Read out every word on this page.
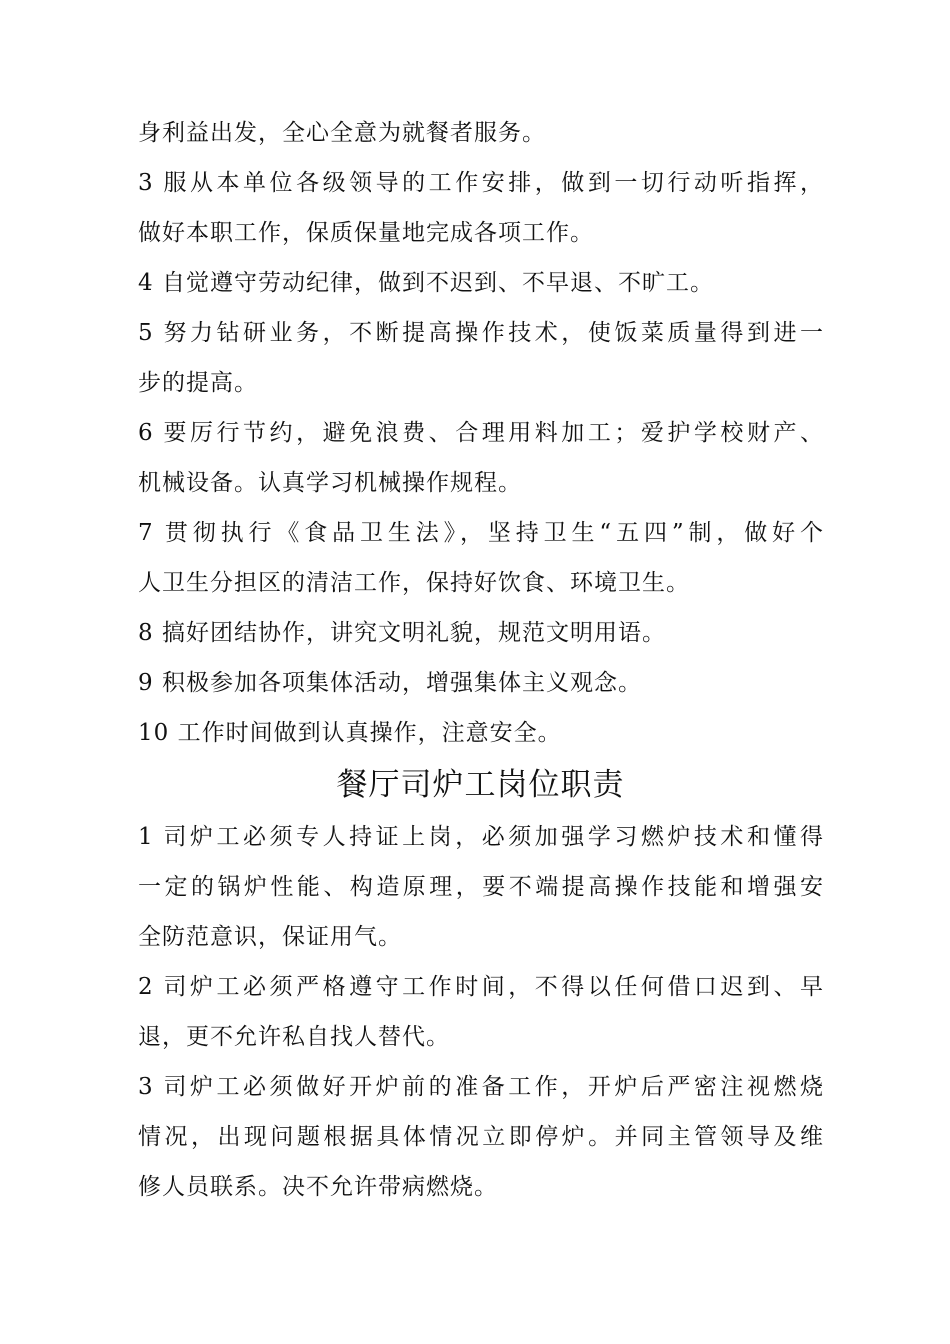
身利益出发，全心全意为就餐者服务。
3 服从本单位各级领导的工作安排，做到一切行动听指挥，
做好本职工作，保质保量地完成各项工作。
4 自觉遵守劳动纪律，做到不迟到、不早退、不旷工。
5 努力钻研业务，不断提高操作技术，使饭菜质量得到进一
步的提高。
6 要厉行节约，避免浪费、合理用料加工；爱护学校财产、
机械设备。认真学习机械操作规程。
7 贯彻执行《食品卫生法》，坚持卫生“五四”制，做好个
人卫生分担区的清洁工作，保持好饮食、环境卫生。
8 搞好团结协作，讲究文明礼貌，规范文明用语。
9 积极参加各项集体活动，增强集体主义观念。
10 工作时间做到认真操作，注意安全。
餐厅司炉工岗位职责
1 司炉工必须专人持证上岗，必须加强学习燃炉技术和懂得
一定的锅炉性能、构造原理，要不端提高操作技能和增强安
全防范意识，保证用气。
2 司炉工必须严格遵守工作时间，不得以任何借口迟到、早
退，更不允许私自找人替代。
3 司炉工必须做好开炉前的准备工作，开炉后严密注视燃烧
情况，出现问题根据具体情况立即停炉。并同主管领导及维
修人员联系。决不允许带病燃烧。
